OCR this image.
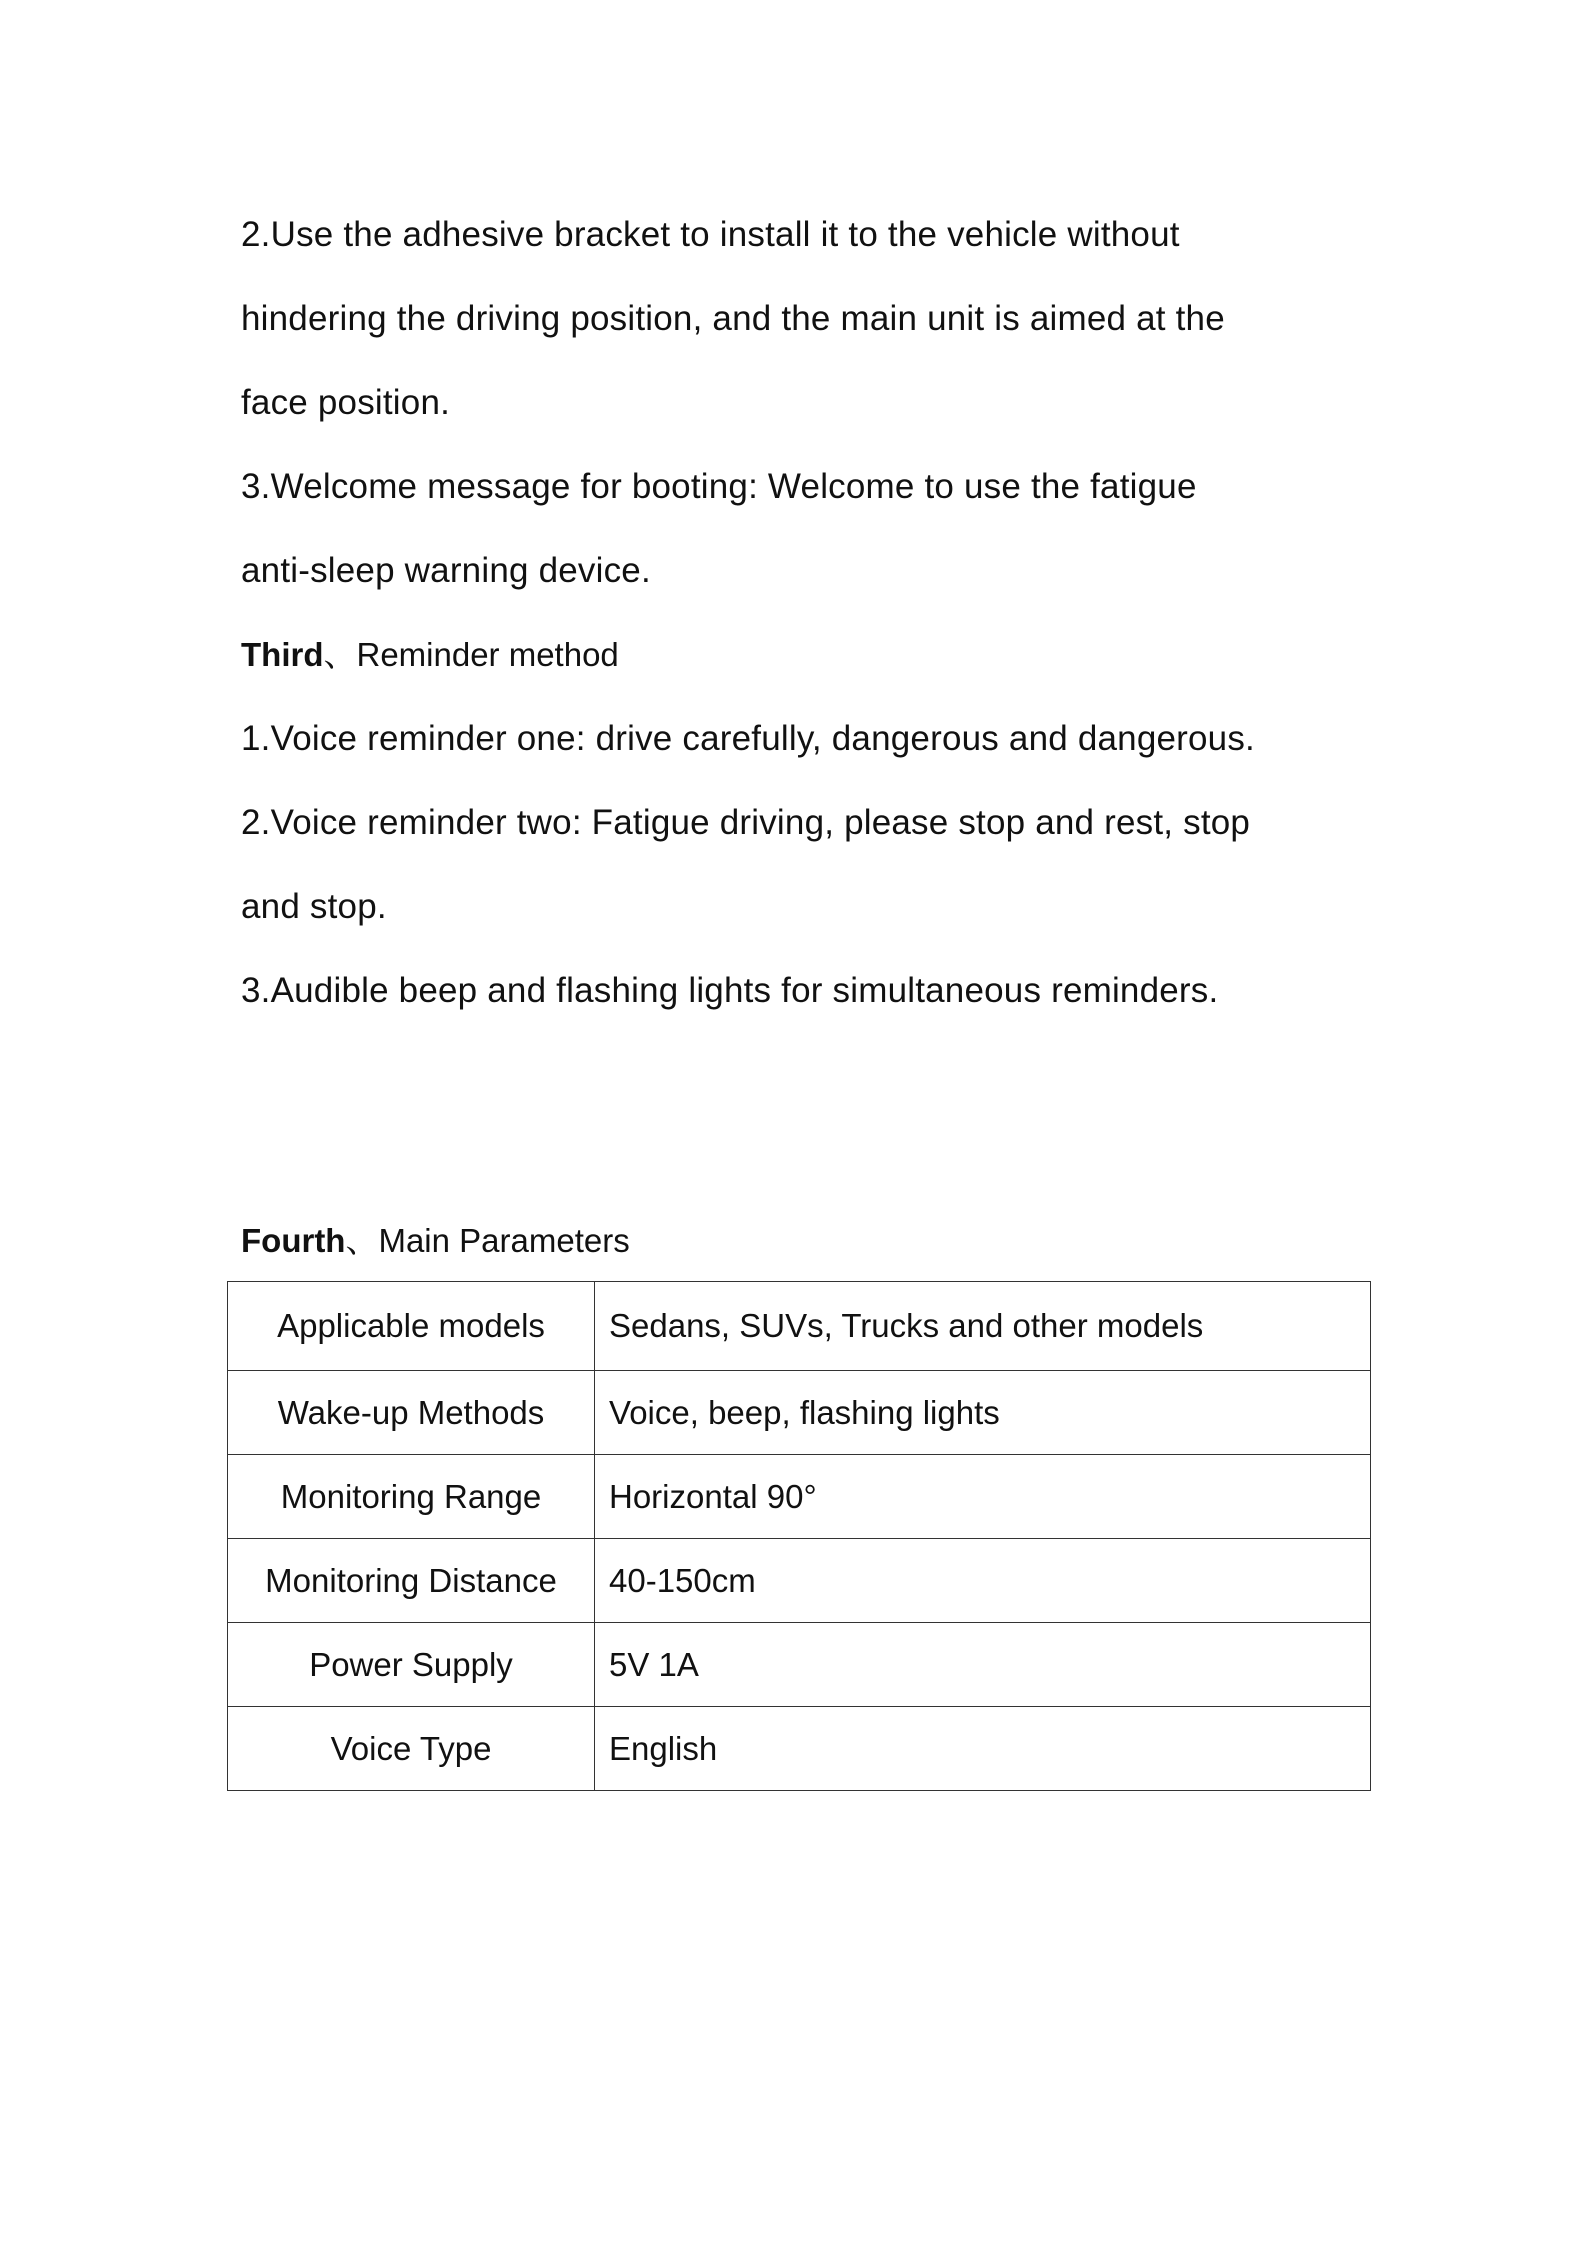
2.Use the adhesive bracket to install it to the vehicle without
hindering the driving position, and the main unit is aimed at the
face position.
3.Welcome message for booting: Welcome to use the fatigue
anti-sleep warning device.
Third、Reminder method
1.Voice reminder one: drive carefully, dangerous and dangerous.
2.Voice reminder two: Fatigue driving, please stop and rest, stop
and stop.
3.Audible beep and flashing lights for simultaneous reminders.
Fourth、Main Parameters
Applicable models	Sedans, SUVs, Trucks and other models
Wake-up Methods	Voice, beep, flashing lights
Monitoring Range	Horizontal 90°
Monitoring Distance	40-150cm
Power Supply	5V 1A
Voice Type	English
